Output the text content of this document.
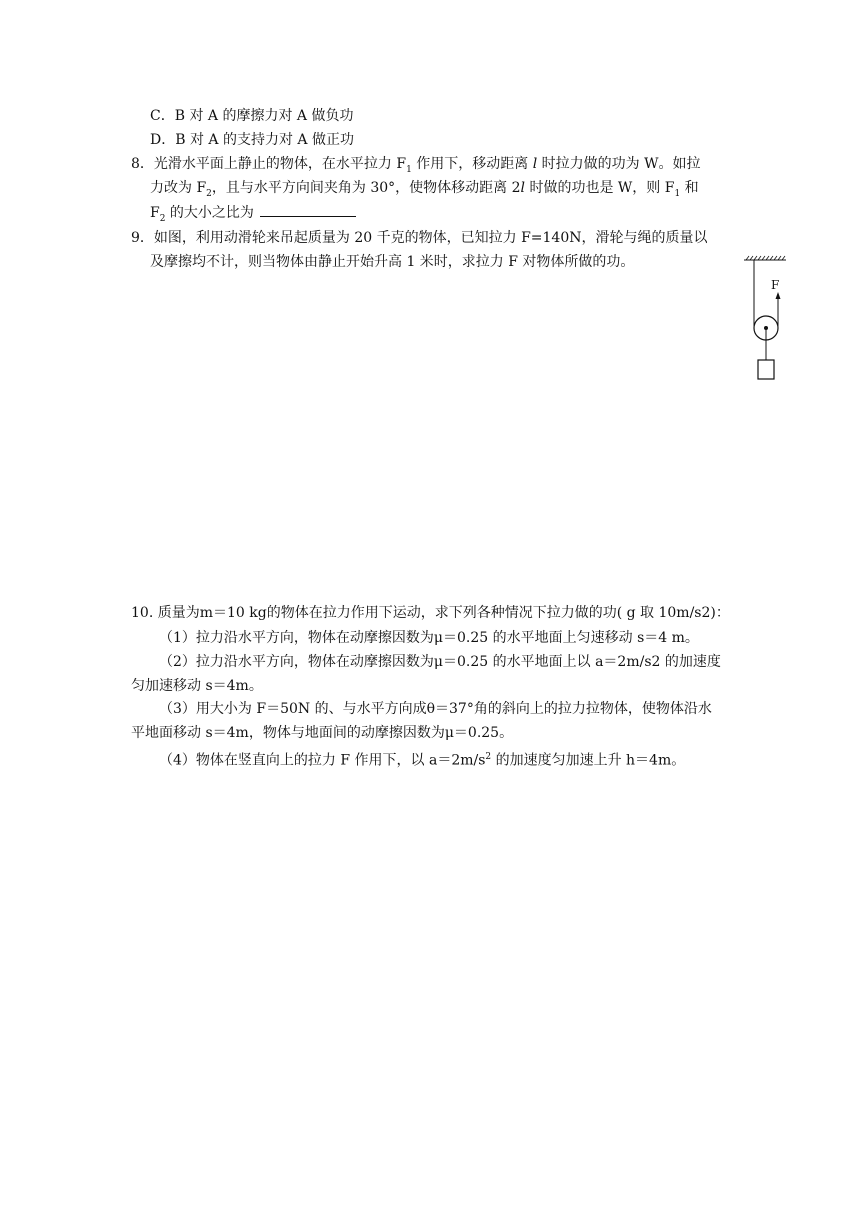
C．B 对 A 的摩擦力对 A 做负功
D．B 对 A 的支持力对 A 做正功
8．光滑水平面上静止的物体，在水平拉力 $F_1$ 作用下，移动距离 l 时拉力做的功为 W。如拉
力改为 $F_2$，且与水平方向间夹角为 30°，使物体移动距离 2l 时做的功也是 W，则 $F_1$ 和
$F_2$ 的大小之比为
9．如图，利用动滑轮来吊起质量为 20 千克的物体，已知拉力 F=140N，滑轮与绳的质量以
及摩擦均不计，则当物体由静止开始升高 1 米时，求拉力 F 对物体所做的功。
F
10. 质量为m＝10 kg的物体在拉力作用下运动，求下列各种情况下拉力做的功( g 取 10m/s2)：
（1）拉力沿水平方向，物体在动摩擦因数为μ＝0.25 的水平地面上匀速移动 s＝4 m。
（2）拉力沿水平方向，物体在动摩擦因数为μ＝0.25 的水平地面上以 a＝2m/s2 的加速度
匀加速移动 s＝4m。
（3）用大小为 F＝50N 的、与水平方向成θ＝37°角的斜向上的拉力拉物体，使物体沿水
平地面移动 s＝4m，物体与地面间的动摩擦因数为μ＝0.25。
（4）物体在竖直向上的拉力 F 作用下，以 $a=2m/s^2$ 的加速度匀加速上升 h＝4m。
